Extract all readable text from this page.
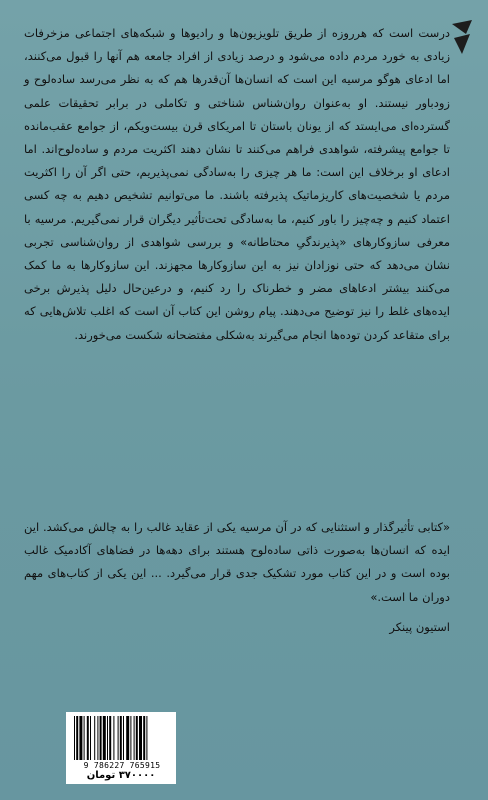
درست است که هرروزه از طریق تلویزیون‌ها و رادیوها و شبکه‌های اجتماعی مزخرفات زیادی به خورد مردم داده می‌شود و درصد زیادی از افراد جامعه هم آنها را قبول می‌کنند، اما ادعای هوگو مرسیه این است که انسان‌ها آن‌قدرها هم که به نظر می‌رسد ساده‌لوح و زودباور نیستند. او به‌عنوان روان‌شناس شناختی و تکاملی در برابر تحقیقات علمی گسترده‌ای می‌ایستد که از یونان باستان تا امریکای قرن بیست‌ویکم، از جوامع عقب‌مانده تا جوامع پیشرفته، شواهدی فراهم می‌کنند تا نشان دهند اکثریت مردم و ساده‌لوح‌اند. اما ادعای او برخلاف این است: ما هر چیزی را به‌سادگی نمی‌پذیریم، حتی اگر آن را اکثریت مردم یا شخصیت‌های کاریزماتیک پذیرفته باشند. ما می‌توانیم تشخیص دهیم به چه کسی اعتماد کنیم و چه‌چیز را باور کنیم، ما به‌سادگی تحت‌تأثیر دیگران قرار نمی‌گیریم. مرسیه با معرفی سازوکارهای «پذیرندگیِ محتاطانه» و بررسی شواهدی از روان‌شناسی تجربی نشان می‌دهد که حتی نوزادان نیز به این سازوکارها مجهزند. این سازوکارها به ما کمک می‌کنند بیشتر ادعاهای مضر و خطرناک را رد کنیم، و درعین‌حال دلیل پذیرش برخی ایده‌های غلط را نیز توضیح می‌دهند. پیام روشن این کتاب آن است که اغلب تلاش‌هایی که برای متقاعد کردن توده‌ها انجام می‌گیرند به‌شکلی مفتضحانه شکست می‌خورند.

«کتابی تأثیرگذار و استثنایی که در آن مرسیه یکی از عقاید غالب را به چالش می‌کشد. این ایده که انسان‌ها به‌صورت ذاتی ساده‌لوح هستند برای دهه‌ها در فضاهای آکادمیک غالب بوده است و در این کتاب مورد تشکیک جدی قرار می‌گیرد. ... این یکی از کتاب‌های مهم دوران ما است.»

استیون پینکر
9 786227 765915
۳۷۰۰۰۰ تومان
